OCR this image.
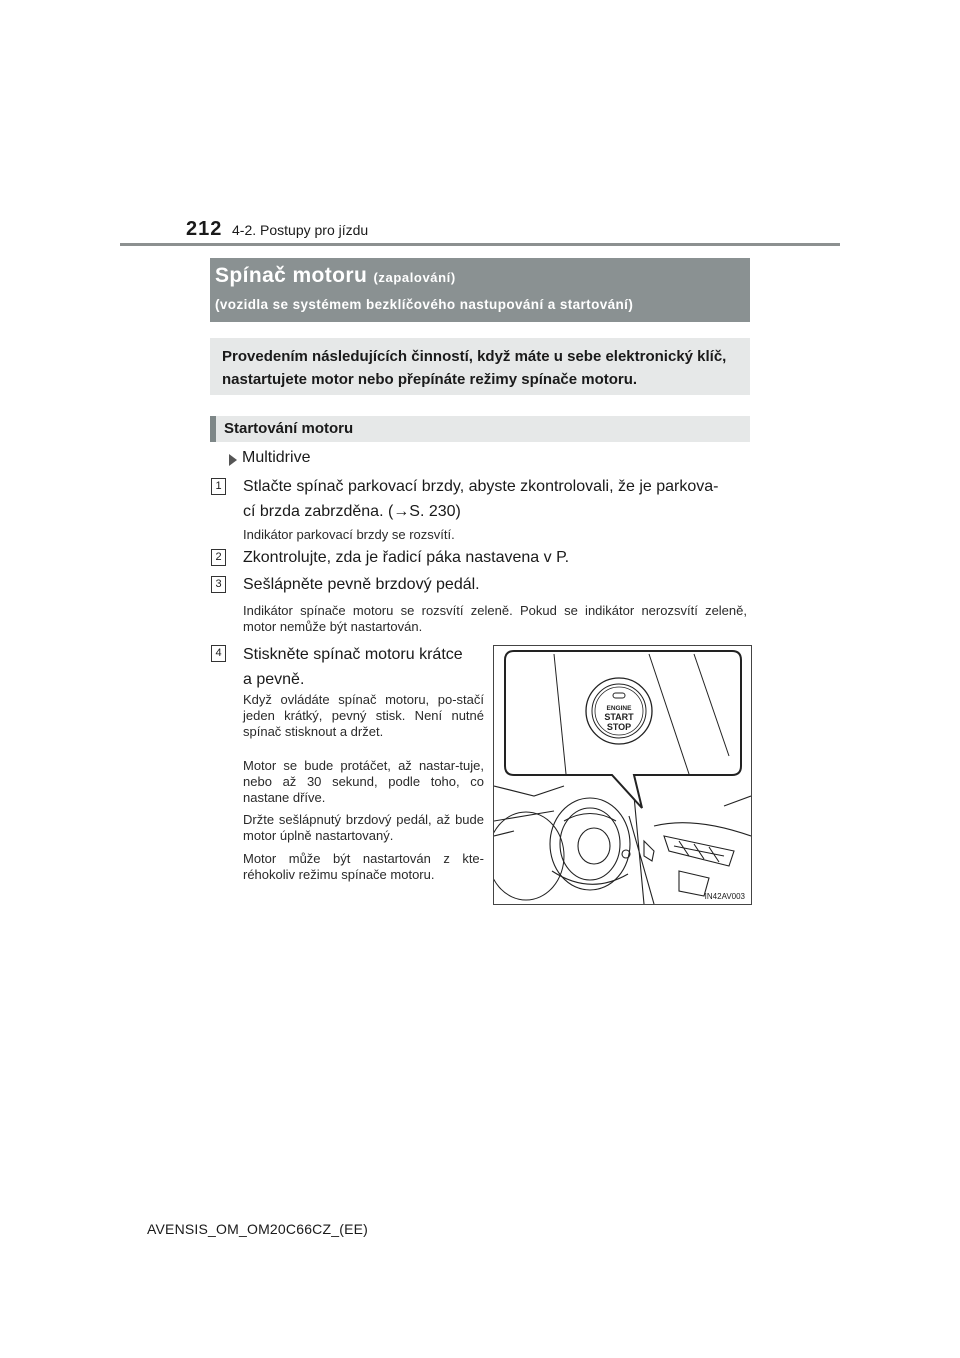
212 4-2. Postupy pro jízdu
Spínač motoru (zapalování)
(vozidla se systémem bezklíčového nastupování a startování)
Provedením následujících činností, když máte u sebe elektronický klíč, nastartujete motor nebo přepínáte režimy spínače motoru.
Startování motoru
Multidrive
1 Stlačte spínač parkovací brzdy, abyste zkontrolovali, že je parkova-
cí brzda zabrzděna. (→S. 230)
Indikátor parkovací brzdy se rozsvítí.
2 Zkontrolujte, zda je řadicí páka nastavena v P.
3 Sešlápněte pevně brzdový pedál.
Indikátor spínače motoru se rozsvítí zeleně. Pokud se indikátor nerozsvítí zeleně, motor nemůže být nastartován.
4 Stiskněte spínač motoru krátce
a pevně.
Když ovládáte spínač motoru, po-stačí jeden krátký, pevný stisk. Není nutné spínač stisknout a držet.
Motor se bude protáčet, až nastar-tuje, nebo až 30 sekund, podle toho, co nastane dříve.
Držte sešlápnutý brzdový pedál, až bude motor úplně nastartovaný.
Motor může být nastartován z kte-réhokoliv režimu spínače motoru.
ENGINE
START
STOP
IN42AV003
AVENSIS_OM_OM20C66CZ_(EE)
